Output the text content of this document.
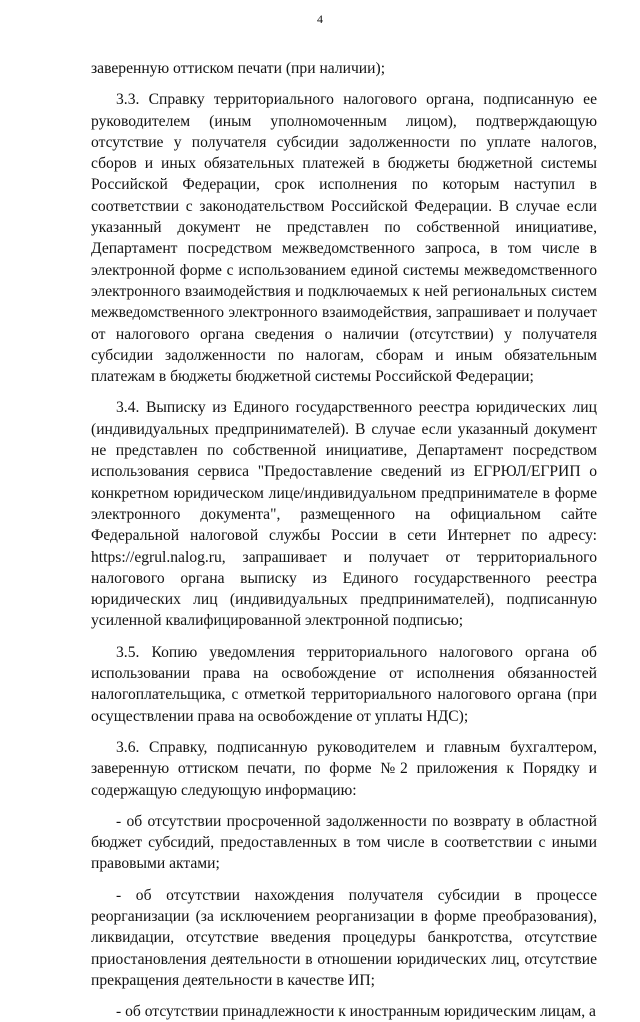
4

заверенную оттиском печати (при наличии);

3.3. Справку территориального налогового органа, подписанную ее руководителем (иным уполномоченным лицом), подтверждающую отсутствие у получателя субсидии задолженности по уплате налогов, сборов и иных обязательных платежей в бюджеты бюджетной системы Российской Федерации, срок исполнения по которым наступил в соответствии с законодательством Российской Федерации. В случае если указанный документ не представлен по собственной инициативе, Департамент посредством межведомственного запроса, в том числе в электронной форме с использованием единой системы межведомственного электронного взаимодействия и подключаемых к ней региональных систем межведомственного электронного взаимодействия, запрашивает и получает от налогового органа сведения о наличии (отсутствии) у получателя субсидии задолженности по налогам, сборам и иным обязательным платежам в бюджеты бюджетной системы Российской Федерации;

3.4. Выписку из Единого государственного реестра юридических лиц (индивидуальных предпринимателей). В случае если указанный документ не представлен по собственной инициативе, Департамент посредством использования сервиса "Предоставление сведений из ЕГРЮЛ/ЕГРИП о конкретном юридическом лице/индивидуальном предпринимателе в форме электронного документа", размещенного на официальном сайте Федеральной налоговой службы России в сети Интернет по адресу: https://egrul.nalog.ru, запрашивает и получает от территориального налогового органа выписку из Единого государственного реестра юридических лиц (индивидуальных предпринимателей), подписанную усиленной квалифицированной электронной подписью;

3.5. Копию уведомления территориального налогового органа об использовании права на освобождение от исполнения обязанностей налогоплательщика, с отметкой территориального налогового органа (при осуществлении права на освобождение от уплаты НДС);

3.6. Справку, подписанную руководителем и главным бухгалтером, заверенную оттиском печати, по форме №2 приложения к Порядку и содержащую следующую информацию:

- об отсутствии просроченной задолженности по возврату в областной бюджет субсидий, предоставленных в том числе в соответствии с иными правовыми актами;

- об отсутствии нахождения получателя субсидии в процессе реорганизации (за исключением реорганизации в форме преобразования), ликвидации, отсутствие введения процедуры банкротства, отсутствие приостановления деятельности в отношении юридических лиц, отсутствие прекращения деятельности в качестве ИП;

- об отсутствии принадлежности к иностранным юридическим лицам, а
